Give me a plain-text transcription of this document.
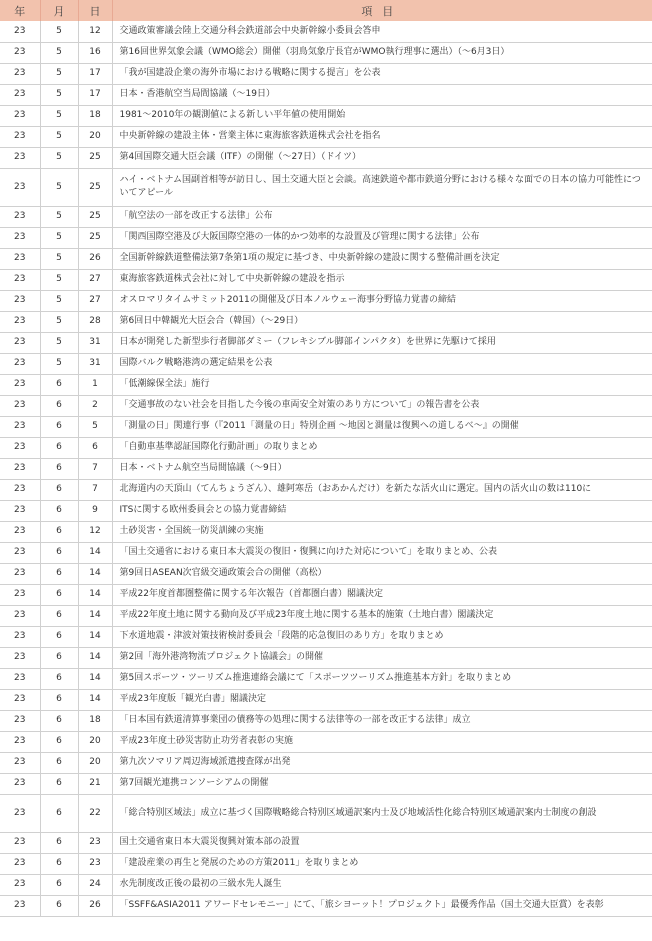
年	月	日	項目
23	5	12	交通政策審議会陸上交通分科会鉄道部会中央新幹線小委員会答申
23	5	16	第16回世界気象会議（WMO総会）開催（羽鳥気象庁長官がWMO執行理事に選出）（〜6月3日）
23	5	17	「我が国建設企業の海外市場における戦略に関する提言」を公表
23	5	17	日本・香港航空当局間協議（〜19日）
23	5	18	1981〜2010年の観測値による新しい平年値の使用開始
23	5	20	中央新幹線の建設主体・営業主体に東海旅客鉄道株式会社を指名
23	5	25	第4回国際交通大臣会議（ITF）の開催（〜27日）（ドイツ）
23	5	25	ハイ・ベトナム国副首相等が訪日し、国土交通大臣と会談。高速鉄道や都市鉄道分野における様々な面での日本の協力可能性についてアピール
23	5	25	「航空法の一部を改正する法律」公布
23	5	25	「関西国際空港及び大阪国際空港の一体的かつ効率的な設置及び管理に関する法律」公布
23	5	26	全国新幹線鉄道整備法第7条第1項の規定に基づき、中央新幹線の建設に関する整備計画を決定
23	5	27	東海旅客鉄道株式会社に対して中央新幹線の建設を指示
23	5	27	オスロマリタイムサミット2011の開催及び日本ノルウェー海事分野協力覚書の締結
23	5	28	第6回日中韓観光大臣会合（韓国）（〜29日）
23	5	31	日本が開発した新型歩行者脚部ダミー（フレキシブル脚部インパクタ）を世界に先駆けて採用
23	5	31	国際バルク戦略港湾の選定結果を公表
23	6	1	「低潮線保全法」施行
23	6	2	「交通事故のない社会を目指した今後の車両安全対策のあり方について」の報告書を公表
23	6	5	「測量の日」関連行事（『2011「測量の日」特別企画 〜地図と測量は復興への道しるべ〜』の開催
23	6	6	「自動車基準認証国際化行動計画」の取りまとめ
23	6	7	日本・ベトナム航空当局間協議（〜9日）
23	6	7	北海道内の天頂山（てんちょうざん）、雄阿寒岳（おあかんだけ）を新たな活火山に選定。国内の活火山の数は110に
23	6	9	ITSに関する欧州委員会との協力覚書締結
23	6	12	土砂災害・全国統一防災訓練の実施
23	6	14	「国土交通省における東日本大震災の復旧・復興に向けた対応について」を取りまとめ、公表
23	6	14	第9回日ASEAN次官級交通政策会合の開催（高松）
23	6	14	平成22年度首都圏整備に関する年次報告（首都圏白書）閣議決定
23	6	14	平成22年度土地に関する動向及び平成23年度土地に関する基本的施策（土地白書）閣議決定
23	6	14	下水道地震・津波対策技術検討委員会「段階的応急復旧のあり方」を取りまとめ
23	6	14	第2回「海外港湾物流プロジェクト協議会」の開催
23	6	14	第5回スポーツ・ツーリズム推進連絡会議にて「スポーツツーリズム推進基本方針」を取りまとめ
23	6	14	平成23年度版「観光白書」閣議決定
23	6	18	「日本国有鉄道清算事業団の債務等の処理に関する法律等の一部を改正する法律」成立
23	6	20	平成23年度土砂災害防止功労者表彰の実施
23	6	20	第九次ソマリア周辺海域派遣捜査隊が出発
23	6	21	第7回観光連携コンソーシアムの開催
23	6	22	「総合特別区域法」成立に基づく国際戦略総合特別区域通訳案内士及び地域活性化総合特別区域通訳案内士制度の創設
23	6	23	国土交通省東日本大震災復興対策本部の設置
23	6	23	「建設産業の再生と発展のための方策2011」を取りまとめ
23	6	24	水先制度改正後の最初の三級水先人誕生
23	6	26	「SSFF&ASIA2011 アワードセレモニー」にて、「旅シヨーット！プロジェクト」最優秀作品（国土交通大臣賞）を表彰
